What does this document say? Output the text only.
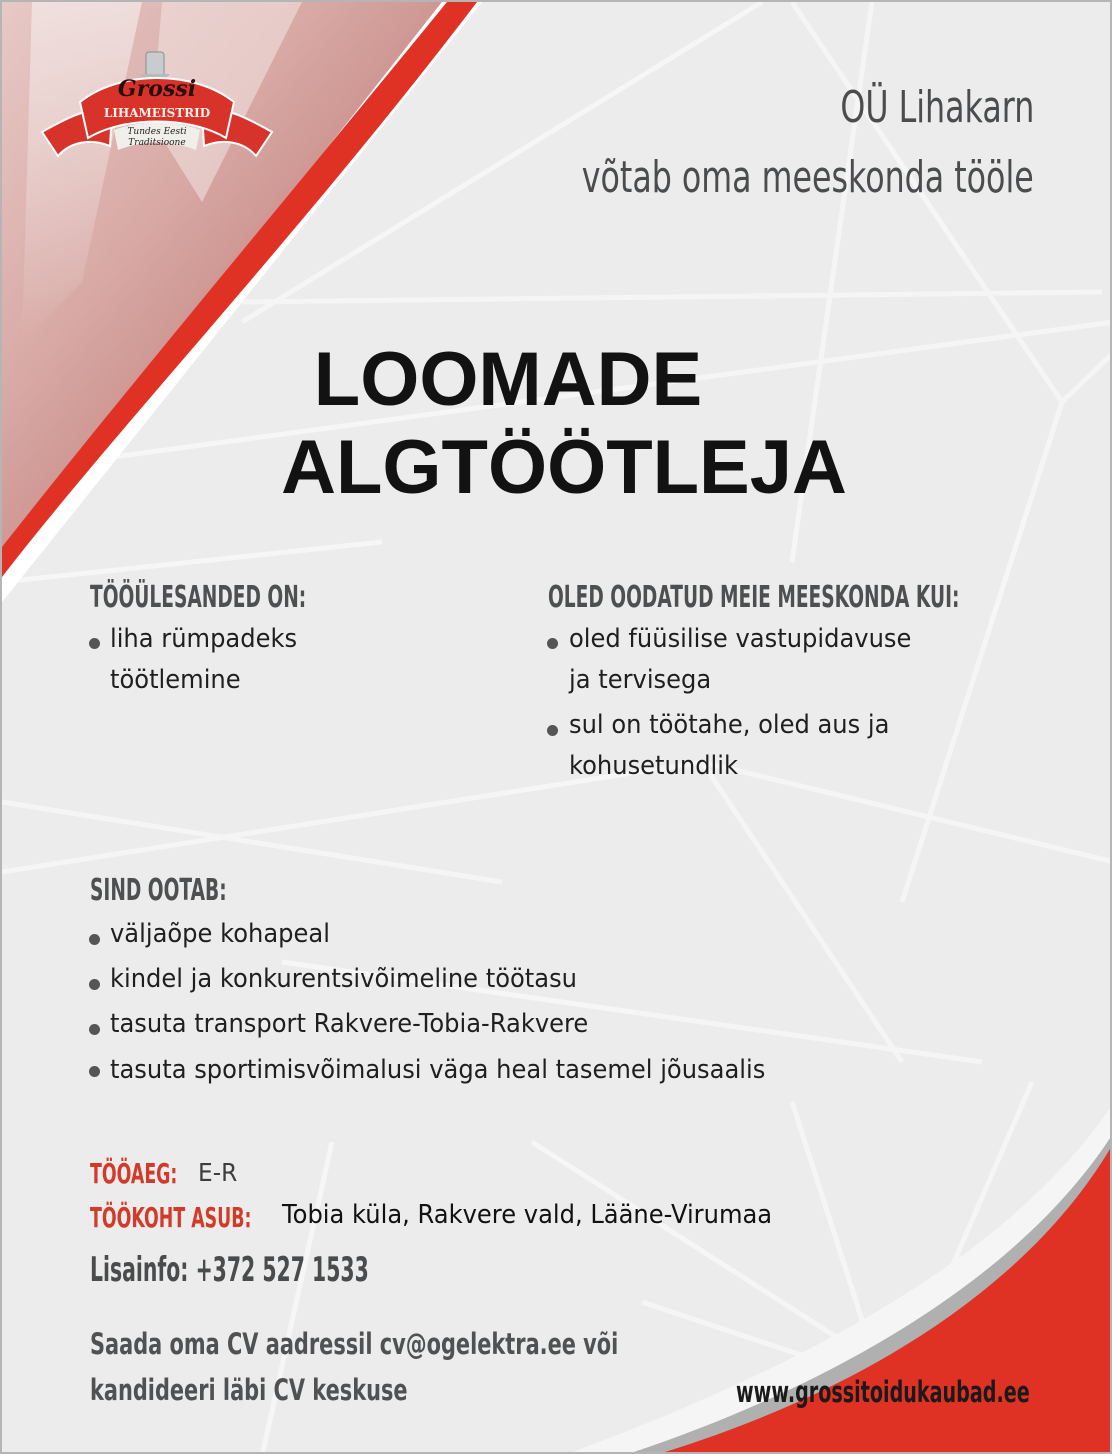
Grossi
LIHAMEISTRID
Tundes Eesti
Traditsioone
OÜ Lihakarn
võtab oma meeskonda tööle
LOOMADE
ALGTÖÖTLEJA
TÖÖÜLESANDED ON:
liha rümpadeks
töötlemine
OLED OODATUD MEIE MEESKONDA KUI:
oled füüsilise vastupidavuse
ja tervisega
sul on töötahe, oled aus ja
kohusetundlik
SIND OOTAB:
väljaõpe kohapeal
kindel ja konkurentsivõimeline töötasu
tasuta transport Rakvere-Tobia-Rakvere
tasuta sportimisvõimalusi väga heal tasemel jõusaalis
TÖÖAEG: E-R
TÖÖKOHT ASUB: Tobia küla, Rakvere vald, Lääne-Virumaa
Lisainfo: +372 527 1533
Saada oma CV aadressil cv@ogelektra.ee või
kandideeri läbi CV keskuse	www.grossitoidukaubad.ee
